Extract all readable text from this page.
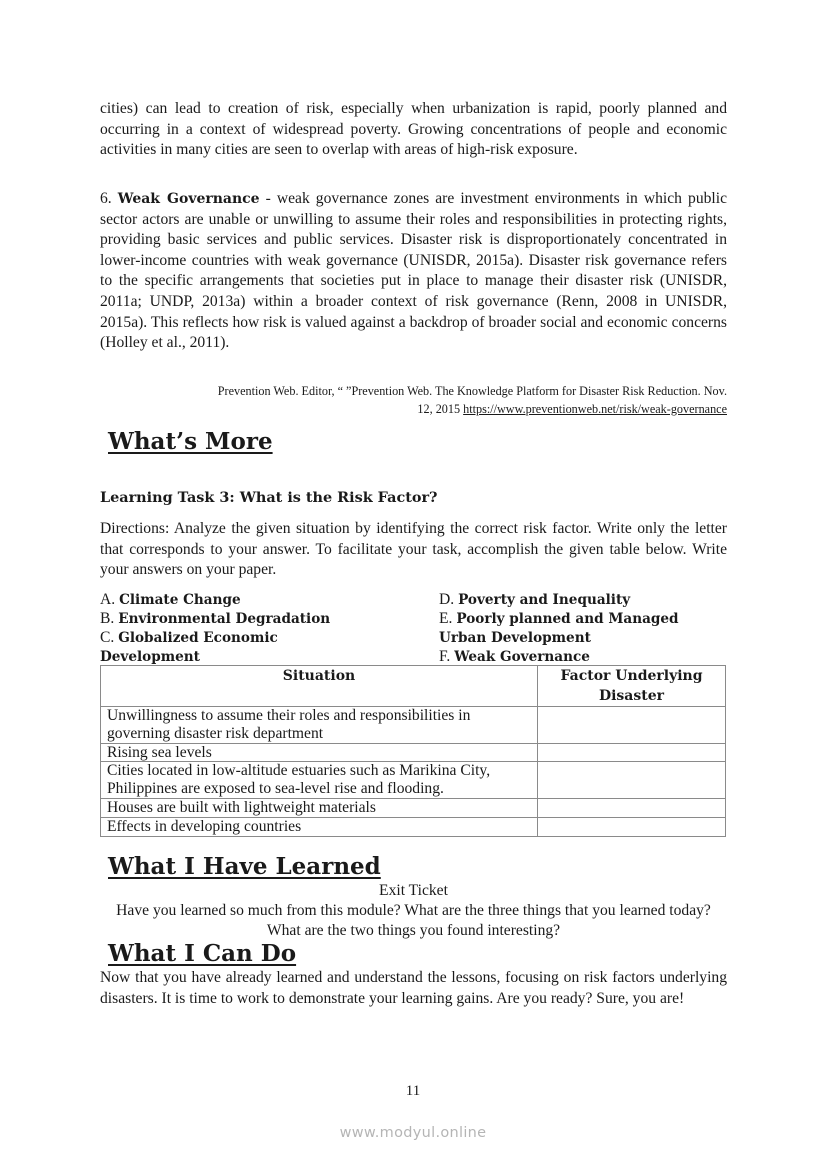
cities) can lead to creation of risk, especially when urbanization is rapid, poorly planned and occurring in a context of widespread poverty. Growing concentrations of people and economic activities in many cities are seen to overlap with areas of high-risk exposure.

6. Weak Governance - weak governance zones are investment environments in which public sector actors are unable or unwilling to assume their roles and responsibilities in protecting rights, providing basic services and public services. Disaster risk is disproportionately concentrated in lower-income countries with weak governance (UNISDR, 2015a). Disaster risk governance refers to the specific arrangements that societies put in place to manage their disaster risk (UNISDR, 2011a; UNDP, 2013a) within a broader context of risk governance (Renn, 2008 in UNISDR, 2015a). This reflects how risk is valued against a backdrop of broader social and economic concerns (Holley et al., 2011).

Prevention Web. Editor, “ ”Prevention Web. The Knowledge Platform for Disaster Risk Reduction. Nov.
12, 2015 https://www.preventionweb.net/risk/weak-governance

What’s More

Learning Task 3: What is the Risk Factor?

Directions: Analyze the given situation by identifying the correct risk factor. Write only the letter that corresponds to your answer. To facilitate your task, accomplish the given table below. Write your answers on your paper.

A. Climate Change
B. Environmental Degradation
C. Globalized Economic
Development
D. Poverty and Inequality
E. Poorly planned and Managed
Urban Development
F. Weak Governance
Situation	Factor Underlying Disaster
Unwillingness to assume their roles and responsibilities in governing disaster risk department	
Rising sea levels	
Cities located in low-altitude estuaries such as Marikina City, Philippines are exposed to sea-level rise and flooding.	
Houses are built with lightweight materials	
Effects in developing countries	
What I Have Learned

Exit Ticket

Have you learned so much from this module? What are the three things that you learned today? What are the two things you found interesting?

What I Can Do

Now that you have already learned and understand the lessons, focusing on risk factors underlying disasters. It is time to work to demonstrate your learning gains. Are you ready? Sure, you are!

11

www.modyul.online
